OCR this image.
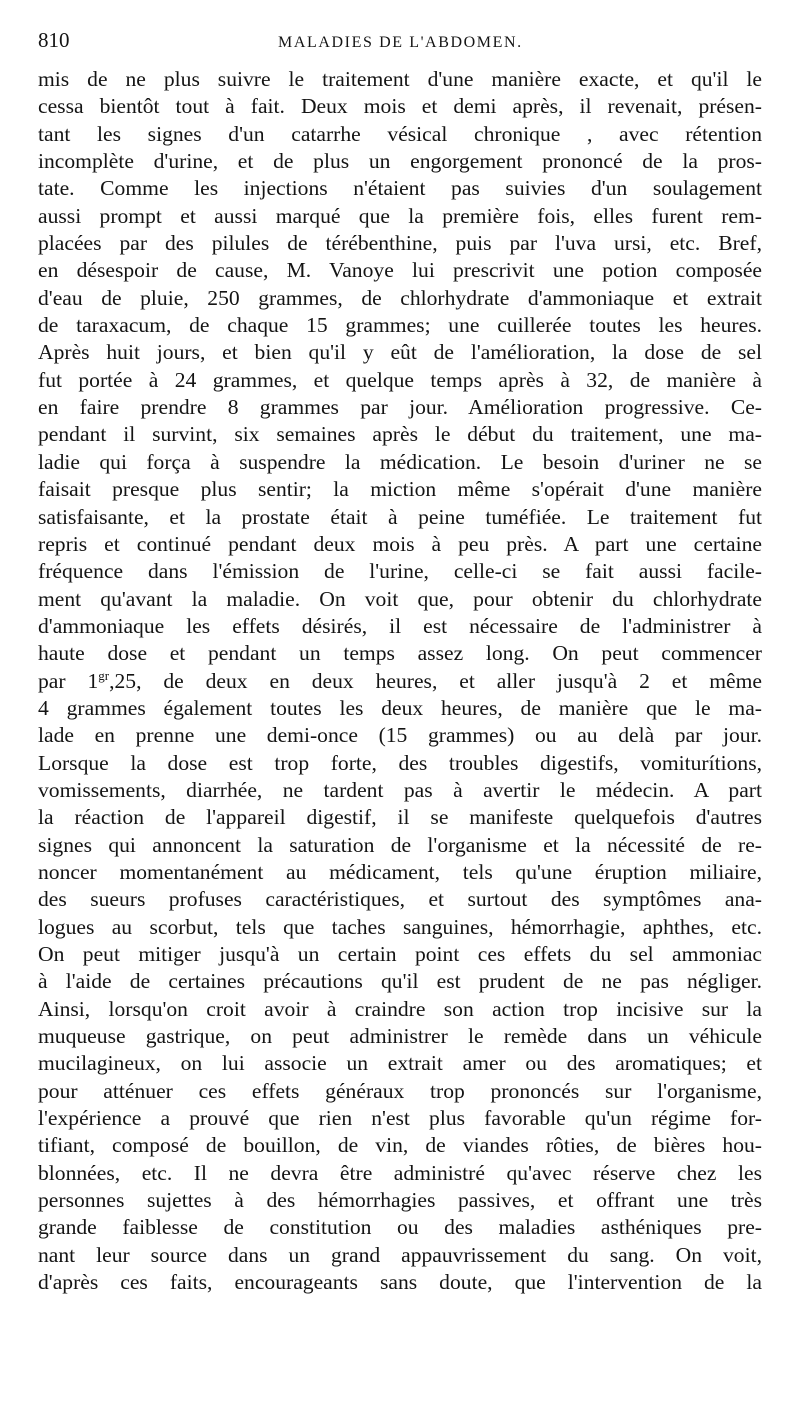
810	MALADIES DE L'ABDOMEN.
mis de ne plus suivre le traitement d'une manière exacte, et qu'il le
cessa bientôt tout à fait. Deux mois et demi après, il revenait, présen-
tant les signes d'un catarrhe vésical chronique , avec rétention
incomplète d'urine, et de plus un engorgement prononcé de la pros-
tate. Comme les injections n'étaient pas suivies d'un soulagement
aussi prompt et aussi marqué que la première fois, elles furent rem-
placées par des pilules de térébenthine, puis par l'uva ursi, etc. Bref,
en désespoir de cause, M. Vanoye lui prescrivit une potion composée
d'eau de pluie, 250 grammes, de chlorhydrate d'ammoniaque et extrait
de taraxacum, de chaque 15 grammes; une cuillerée toutes les heures.
Après huit jours, et bien qu'il y eût de l'amélioration, la dose de sel
fut portée à 24 grammes, et quelque temps après à 32, de manière à
en faire prendre 8 grammes par jour. Amélioration progressive. Ce-
pendant il survint, six semaines après le début du traitement, une ma-
ladie qui força à suspendre la médication. Le besoin d'uriner ne se
faisait presque plus sentir; la miction même s'opérait d'une manière
satisfaisante, et la prostate était à peine tuméfiée. Le traitement fut
repris et continué pendant deux mois à peu près. A part une certaine
fréquence dans l'émission de l'urine, celle-ci se fait aussi facile-
ment qu'avant la maladie. On voit que, pour obtenir du chlorhydrate
d'ammoniaque les effets désirés, il est nécessaire de l'administrer à
haute dose et pendant un temps assez long. On peut commencer
par $1^{gr},25$, de deux en deux heures, et aller jusqu'à 2 et même
4 grammes également toutes les deux heures, de manière que le ma-
lade en prenne une demi-once (15 grammes) ou au delà par jour.
Lorsque la dose est trop forte, des troubles digestifs, vomiturítions,
vomissements, diarrhée, ne tardent pas à avertir le médecin. A part
la réaction de l'appareil digestif, il se manifeste quelquefois d'autres
signes qui annoncent la saturation de l'organisme et la nécessité de re-
noncer momentanément au médicament, tels qu'une éruption miliaire,
des sueurs profuses caractéristiques, et surtout des symptômes ana-
logues au scorbut, tels que taches sanguines, hémorrhagie, aphthes, etc.
On peut mitiger jusqu'à un certain point ces effets du sel ammoniac
à l'aide de certaines précautions qu'il est prudent de ne pas négliger.
Ainsi, lorsqu'on croit avoir à craindre son action trop incisive sur la
muqueuse gastrique, on peut administrer le remède dans un véhicule
mucilagineux, on lui associe un extrait amer ou des aromatiques; et
pour atténuer ces effets généraux trop prononcés sur l'organisme,
l'expérience a prouvé que rien n'est plus favorable qu'un régime for-
tifiant, composé de bouillon, de vin, de viandes rôties, de bières hou-
blonnées, etc. Il ne devra être administré qu'avec réserve chez les
personnes sujettes à des hémorrhagies passives, et offrant une très
grande faiblesse de constitution ou des maladies asthéniques pre-
nant leur source dans un grand appauvrissement du sang. On voit,
d'après ces faits, encourageants sans doute, que l'intervention de la
